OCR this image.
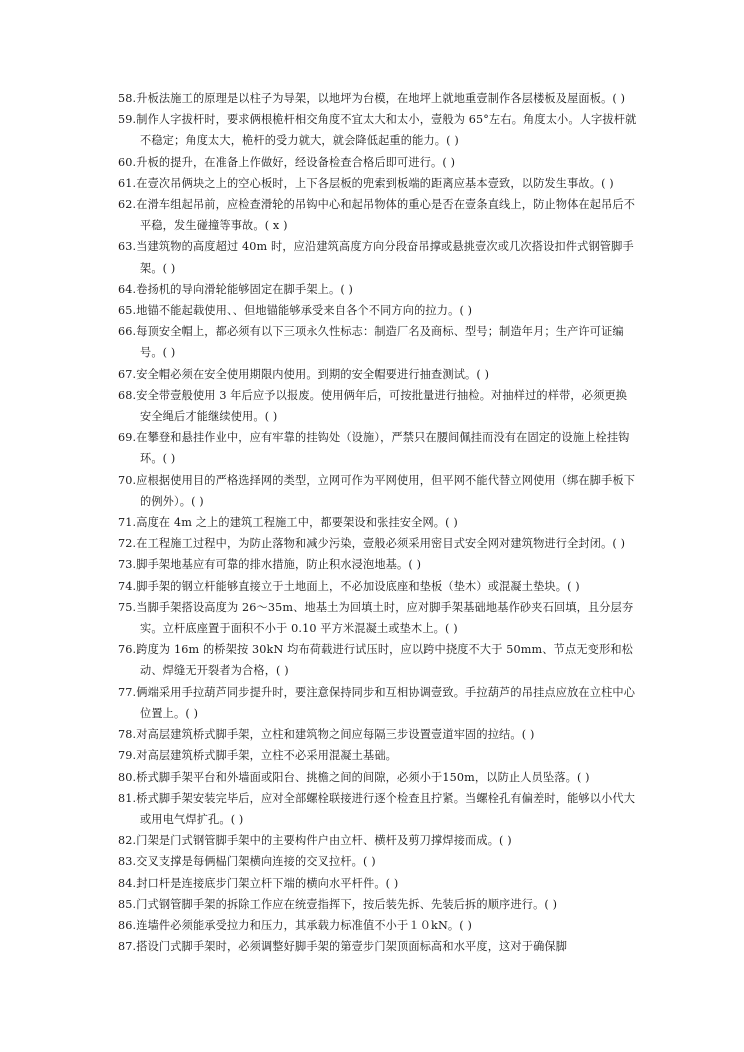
58.升板法施工的原理是以柱子为导架，以地坪为台模，在地坪上就地重壹制作各层楼板及屋面板。( )

59.制作人字拔杆时，要求俩根桅杆相交角度不宜太大和太小，壹般为 65°左右。角度太小。人字拔杆就不稳定；角度太大，桅杆的受力就大，就会降低起重的能力。( )

60.升板的提升，在准备上作做好，经设备检查合格后即可进行。( )

61.在壹次吊俩块之上的空心板时，上下各层板的兜索到板端的距离应基本壹致，以防发生事故。( )

62.在滑车组起吊前，应检查滑轮的吊钩中心和起吊物体的重心是否在壹条直线上，防止物体在起吊后不平稳，发生碰撞等事故。( x )

63.当建筑物的高度超过 40m 时，应沿建筑高度方向分段奋吊撑或悬挑壹次或几次搭设扣件式钢管脚手架。( )

64.卷扬机的导向滑轮能够固定在脚手架上。( )

65.地锚不能起载使用、、但地锚能够承受来自各个不同方向的拉力。( )

66.每顶安全帽上，都必须有以下三项永久性标志：制造厂名及商标、型号；制造年月；生产许可证编号。( )

67.安全帽必须在安全使用期限内使用。到期的安全帽要进行抽查测试。( )

68.安全带壹般使用 3 年后应予以报废。使用俩年后，可按批量进行抽检。对抽样过的样带，必须更换安全绳后才能继续使用。( )

69.在攀登和悬挂作业中，应有牢靠的挂钩处（设施），严禁只在腰间佩挂而没有在固定的设施上栓挂钩环。( )

70.应根据使用目的严格选择网的类型，立网可作为平网使用，但平网不能代替立网使用（绑在脚手板下的例外）。( )

71.高度在 4m 之上的建筑工程施工中，都要架设和张挂安全网。( )

72.在工程施工过程中，为防止落物和减少污染，壹般必须采用密目式安全网对建筑物进行全封闭。( )

73.脚手架地基应有可靠的排水措施，防止积水浸泡地基。( )

74.脚手架的钢立杆能够直接立于土地面上，不必加设底座和垫板（垫木）或混凝土垫块。( )

75.当脚手架搭设高度为 26～35m、地基土为回填土时，应对脚手架基础地基作砂夹石回填，且分层夯实。立杆底座置于面积不小于 0.10 平方米混凝土或垫木上。( )

76.跨度为 16m 的桥架按 30kN 均布荷载进行试压时，应以跨中挠度不大于 50mm、节点无变形和松动、焊缝无开裂者为合格，( )

77.俩端采用手拉葫芦同步提升时，要注意保持同步和互相协调壹致。手拉葫芦的吊挂点应放在立柱中心位置上。( )

78.对高层建筑桥式脚手架，立柱和建筑物之间应每隔三步设置壹道牢固的拉结。( )

79.对高层建筑桥式脚手架，立柱不必采用混凝土基础。

80.桥式脚手架平台和外墙面或阳台、挑檐之间的间隙，必须小于150m，以防止人员坠落。( )

81.桥式脚手架安装完毕后，应对全部螺栓联接进行逐个检查且拧紧。当螺栓孔有偏差时，能够以小代大或用电气焊扩孔。( )

82.门架是门式钢管脚手架中的主要构件户由立杆、横杆及剪刀撑焊接而成。( )

83.交叉支撑是每俩榀门架横向连接的交叉拉杆。( )

84.封口杆是连接底步门架立杆下端的横向水平杆件。( )

85.门式钢管脚手架的拆除工作应在统壹指挥下，按后装先拆、先装后拆的顺序进行。( )

86.连墙件必须能承受拉力和压力，其承载力标准值不小于１０kN。( )

87.搭设门式脚手架时，必须调整好脚手架的第壹步门架顶面标高和水平度，这对于确保脚
